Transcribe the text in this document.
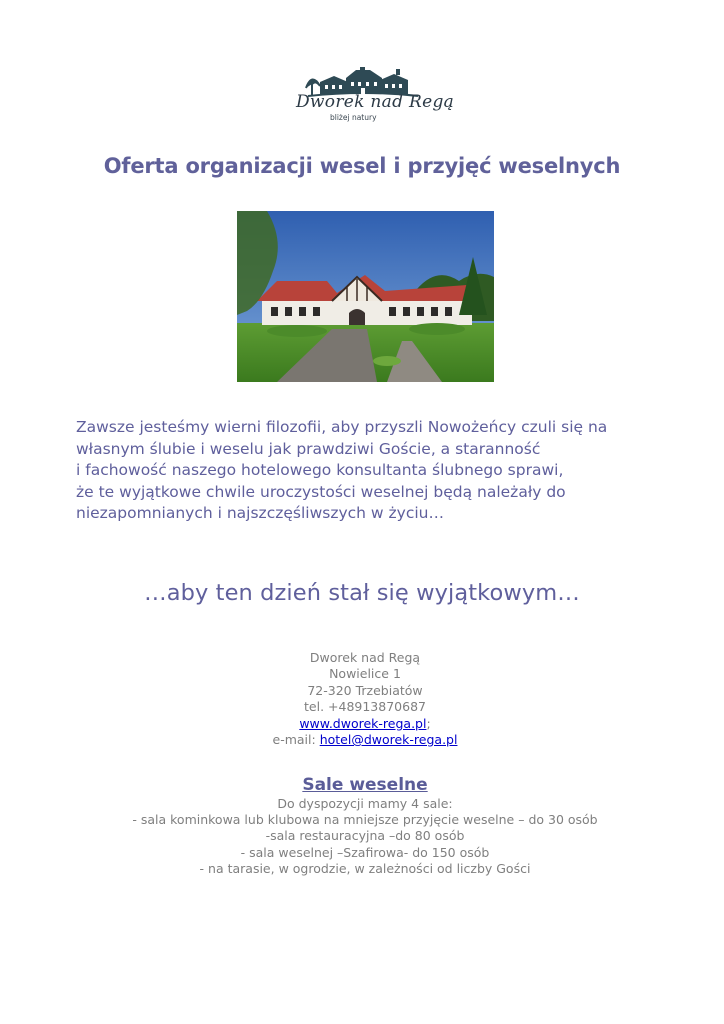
Dworek nad Regą
bliżej natury
Oferta organizacji wesel i przyjęć weselnych
Zawsze jesteśmy wierni filozofii, aby przyszli Nowożeńcy czuli się na
własnym ślubie i weselu jak prawdziwi Goście, a staranność
i fachowość naszego hotelowego konsultanta ślubnego sprawi,
że te wyjątkowe chwile uroczystości weselnej będą należały do
niezapomnianych i najszczęśliwszych w życiu…
…aby ten dzień stał się wyjątkowym…
Dworek nad Regą
Nowielice 1
72-320 Trzebiatów
tel. +48913870687
www.dworek-rega.pl;
e-mail: hotel@dworek-rega.pl
Sale weselne
Do dyspozycji mamy 4 sale:
- sala kominkowa lub klubowa na mniejsze przyjęcie weselne – do 30 osób
-sala restauracyjna –do 80 osób
- sala weselnej –Szafirowa- do 150 osób
- na tarasie, w ogrodzie, w zależności od liczby Gości
